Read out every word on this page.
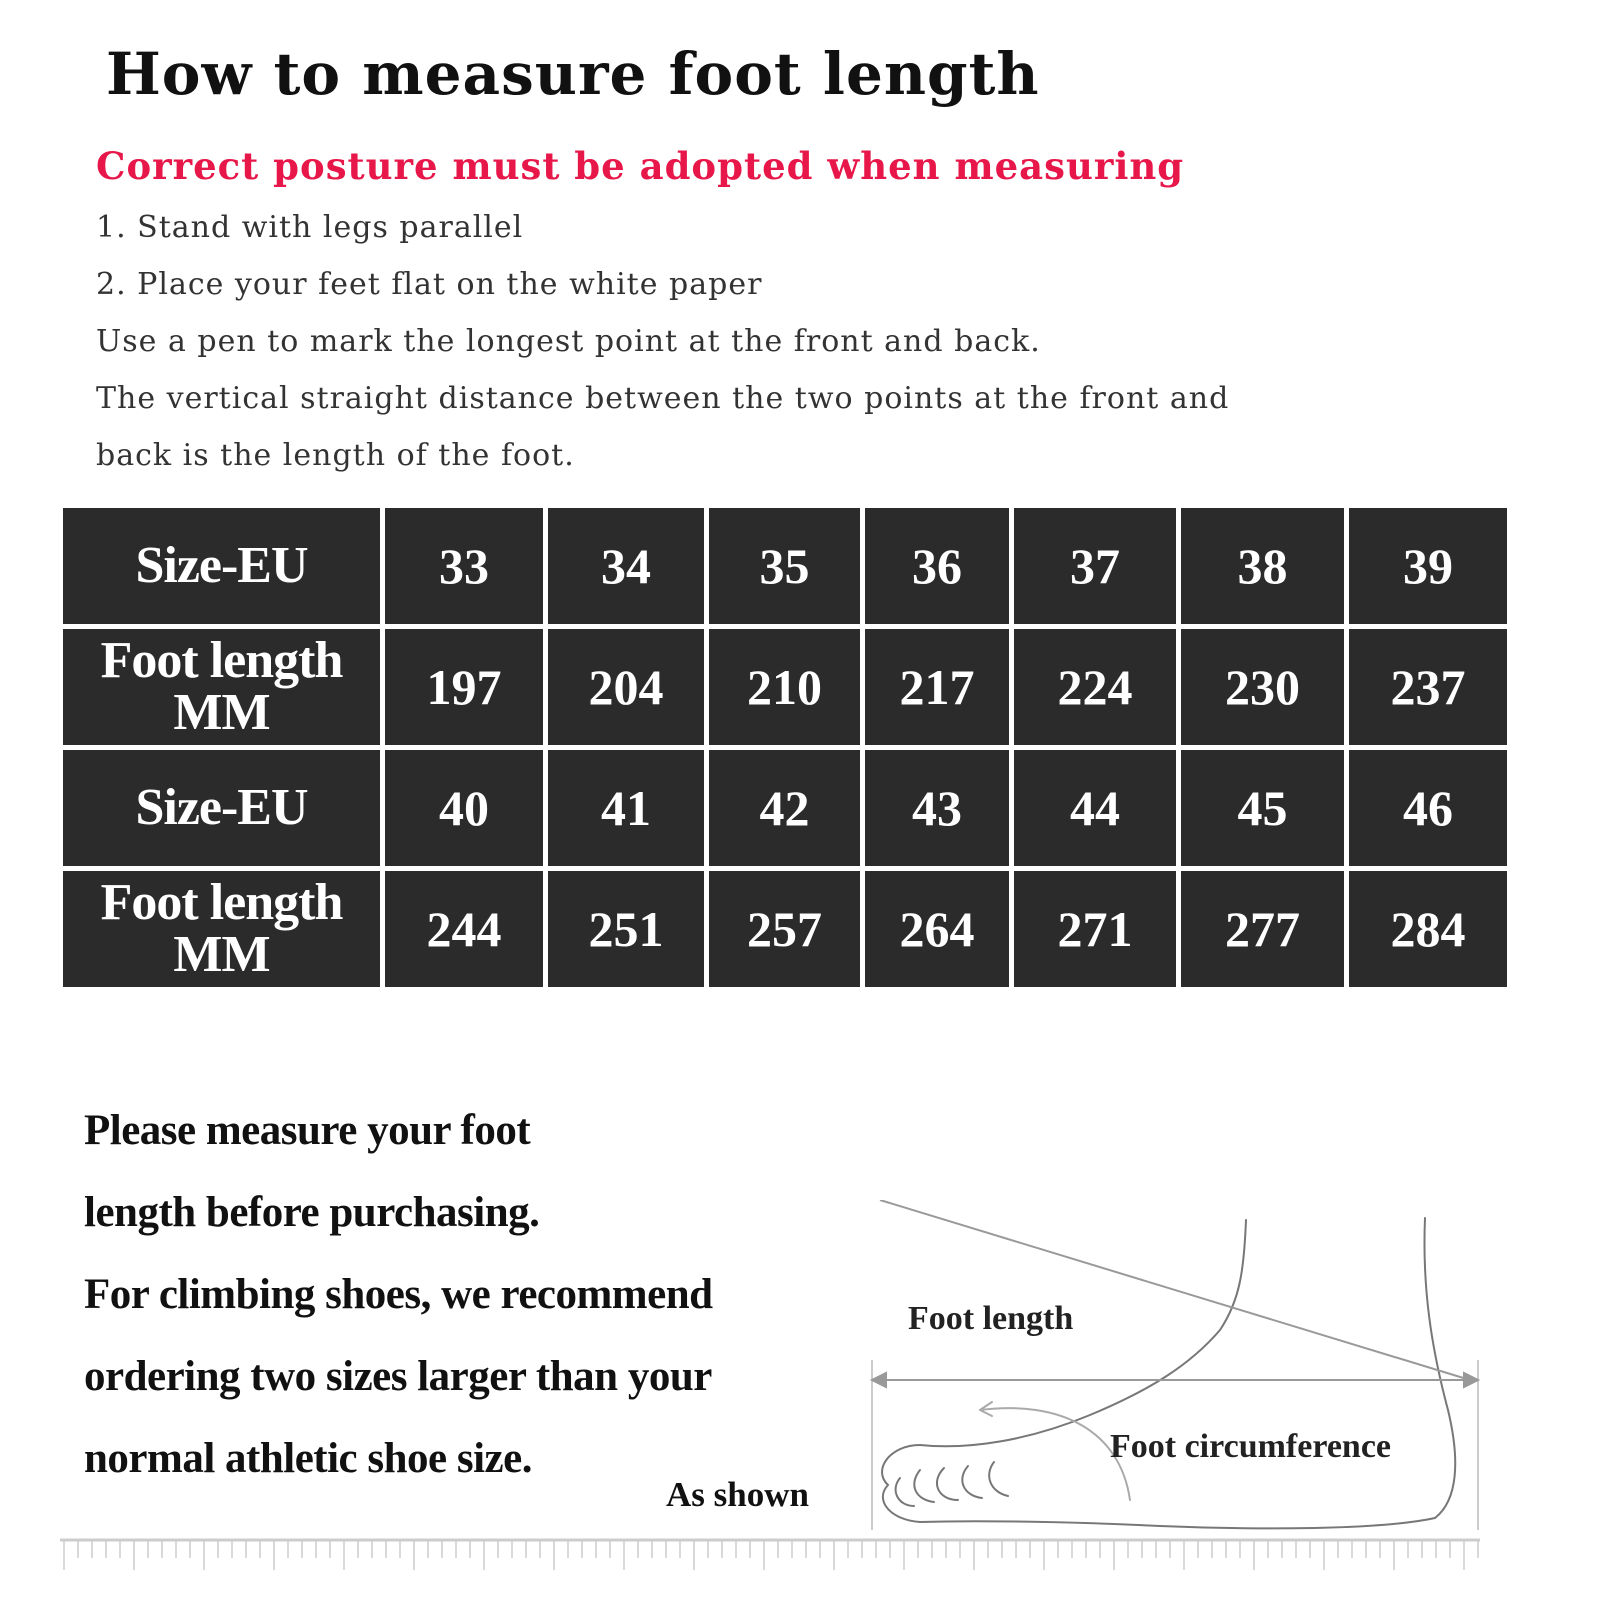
How to measure foot length
Correct posture must be adopted when measuring
1. Stand with legs parallel
2. Place your feet flat on the white paper
Use a pen to mark the longest point at the front and back.
The vertical straight distance between the two points at the front and
back is the length of the foot.
Size-EU	33	34	35	36	37	38	39

Foot length
MM	197	204	210	217	224	230	237
Size-EU	40	41	42	43	44	45	46

Foot length
MM	244	251	257	264	271	277	284
Please measure your foot
length before purchasing.
For climbing shoes, we recommend
ordering two sizes larger than your
normal athletic shoe size.
As shown
Foot length
Foot circumference
